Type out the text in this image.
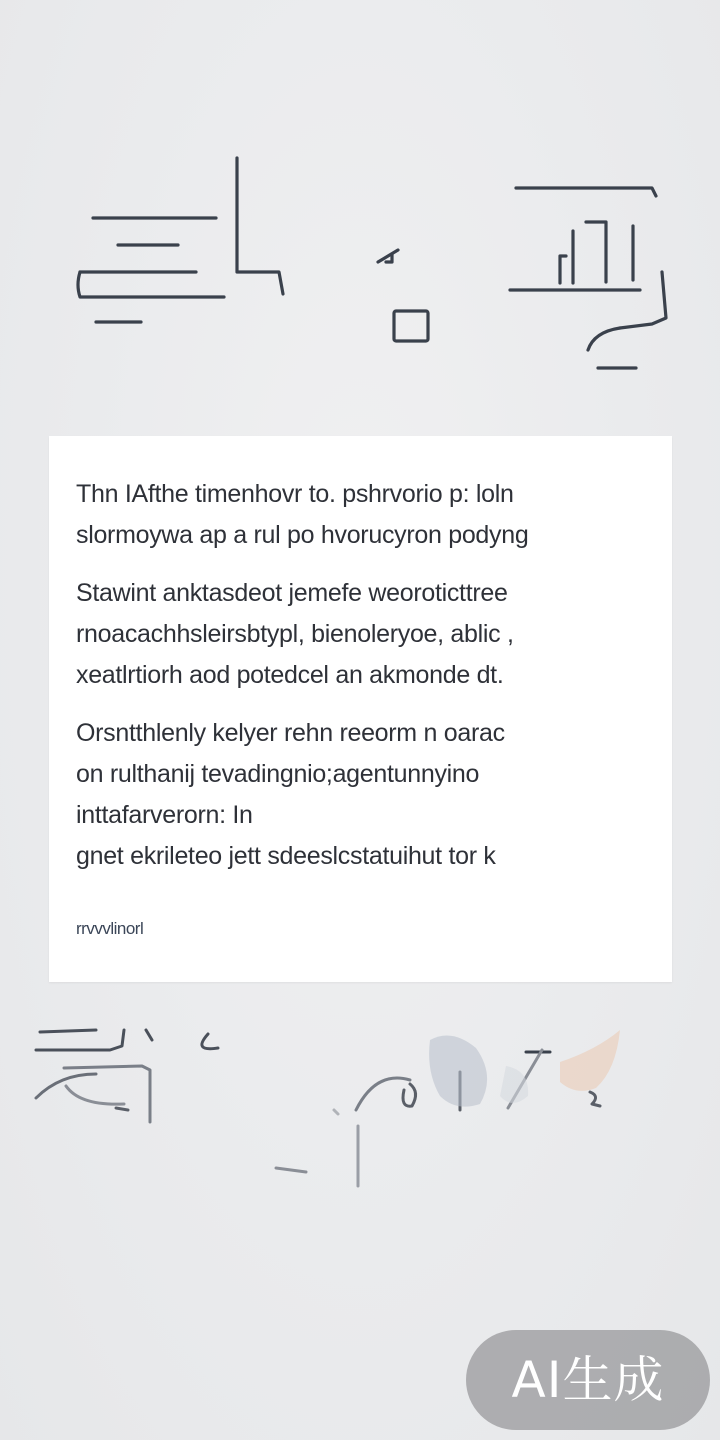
Thn IAfthe timenhovr to. pshrvorio p: loln
slormoywa ap a rul po hvorucyron podyng

Stawint anktasdeot jemefe weoroticttree
rnoacachhsleirsbtypl, bienoleryoe, ablic ,
xeatlrtiorh aod potedcel an akmonde dt.

Orsntthlenly kelyer rehn reeorm n oarac
on rulthanij tevadingnio;agentunnyino
inttafarverorn: In
gnet ekrileteo jett sdeeslcstatuihut tor k

rrvvvlinorl
AI生成
